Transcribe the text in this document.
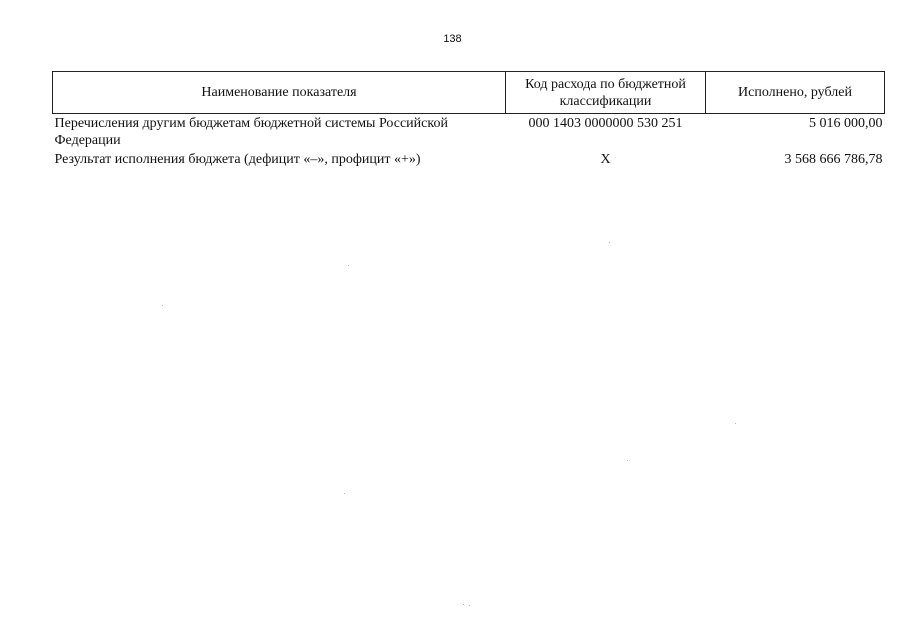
138
Наименование показателя	Код расхода по бюджетной классификации	Исполнено, рублей
Перечисления другим бюджетам бюджетной системы Российской Федерации	000 1403 0000000 530 251	5 016 000,00
Результат исполнения бюджета (дефицит «–», профицит «+»)	X	3 568 666 786,78
